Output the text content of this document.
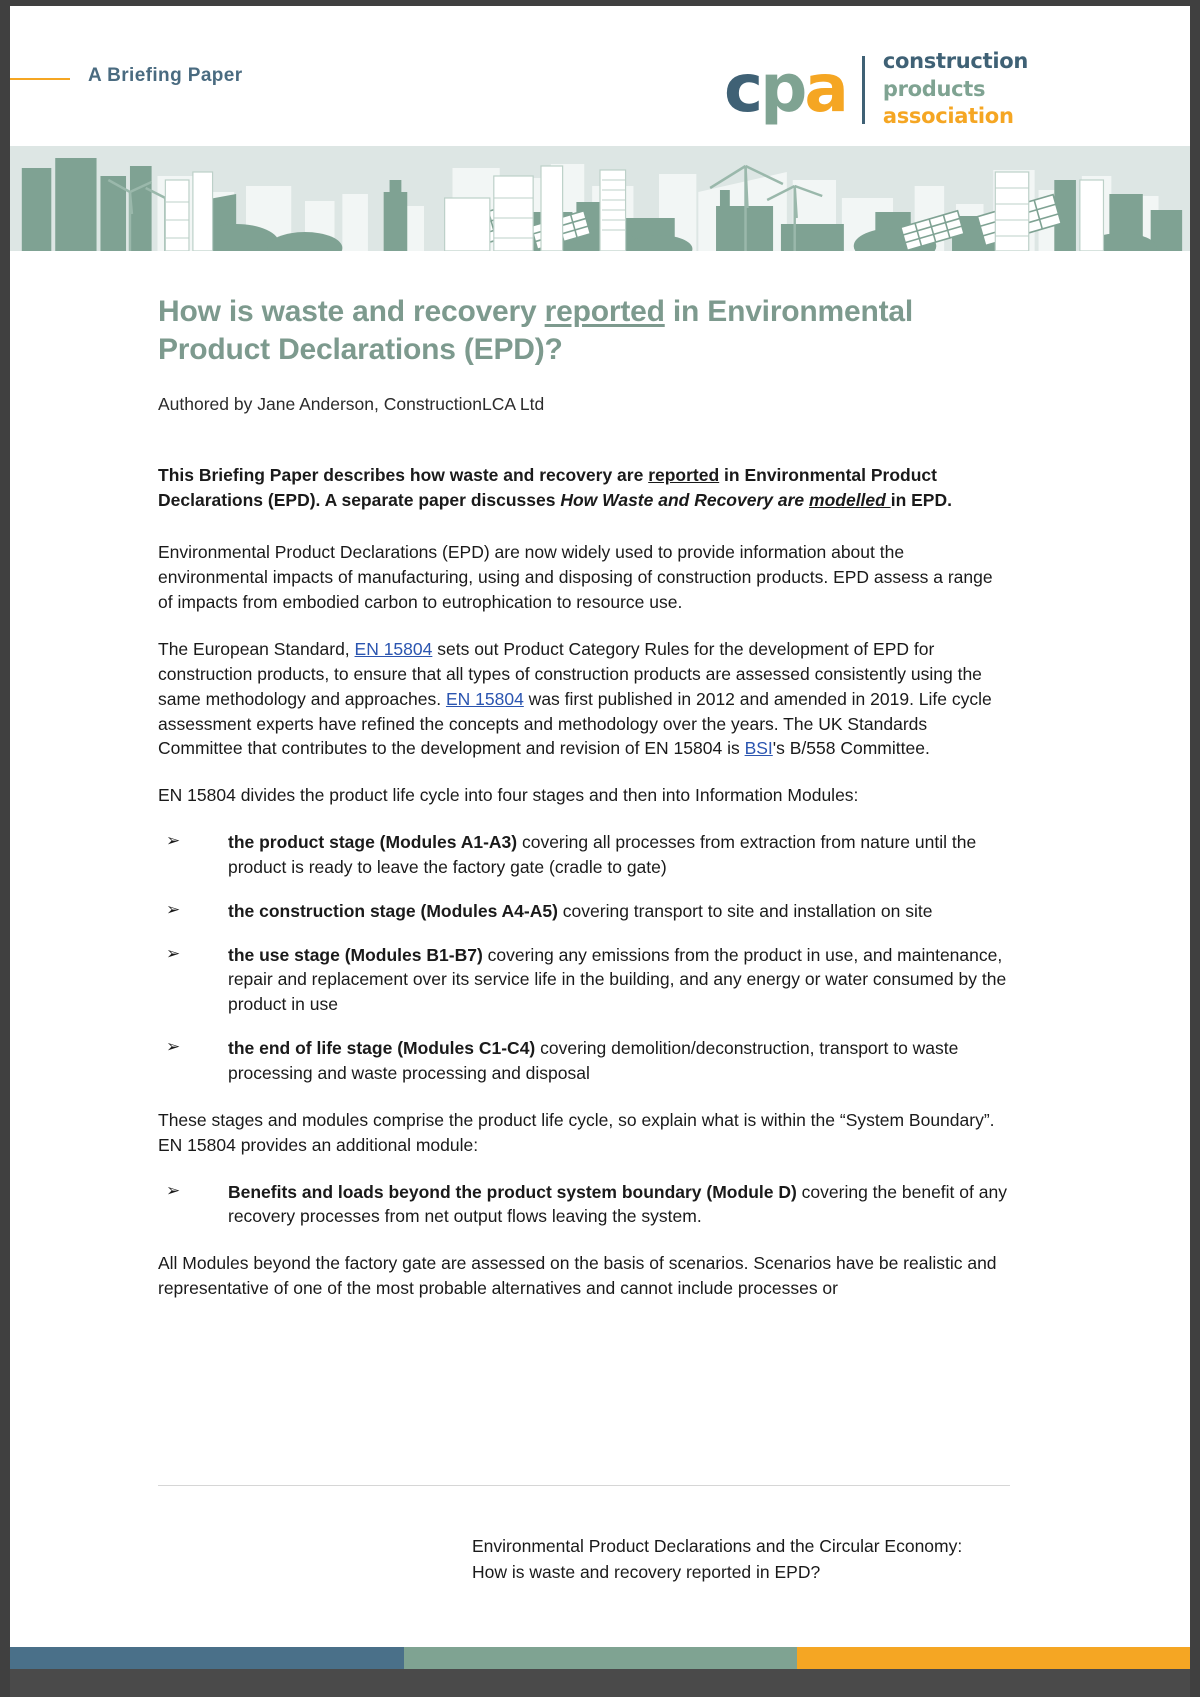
A Briefing Paper	cpa construction
products
association
How is waste and recovery reported in Environmental Product Declarations (EPD)?
Authored by Jane Anderson, ConstructionLCA Ltd

This Briefing Paper describes how waste and recovery are reported in Environmental Product Declarations (EPD). A separate paper discusses How Waste and Recovery are modelled in EPD.

Environmental Product Declarations (EPD) are now widely used to provide information about the environmental impacts of manufacturing, using and disposing of construction products. EPD assess a range of impacts from embodied carbon to eutrophication to resource use.

The European Standard, EN 15804 sets out Product Category Rules for the development of EPD for construction products, to ensure that all types of construction products are assessed consistently using the same methodology and approaches. EN 15804 was first published in 2012 and amended in 2019. Life cycle assessment experts have refined the concepts and methodology over the years. The UK Standards Committee that contributes to the development and revision of EN 15804 is BSI's B/558 Committee.

EN 15804 divides the product life cycle into four stages and then into Information Modules:

➢	the product stage (Modules A1-A3) covering all processes from extraction from nature until the product is ready to leave the factory gate (cradle to gate)
➢	the construction stage (Modules A4-A5) covering transport to site and installation on site
➢	the use stage (Modules B1-B7) covering any emissions from the product in use, and maintenance, repair and replacement over its service life in the building, and any energy or water consumed by the product in use
➢	the end of life stage (Modules C1-C4) covering demolition/deconstruction, transport to waste processing and waste processing and disposal

These stages and modules comprise the product life cycle, so explain what is within the “System Boundary”. EN 15804 provides an additional module:

➢	Benefits and loads beyond the product system boundary (Module D) covering the benefit of any recovery processes from net output flows leaving the system.

All Modules beyond the factory gate are assessed on the basis of scenarios. Scenarios have be realistic and representative of one of the most probable alternatives and cannot include processes or

Environmental Product Declarations and the Circular Economy:
How is waste and recovery reported in EPD?
